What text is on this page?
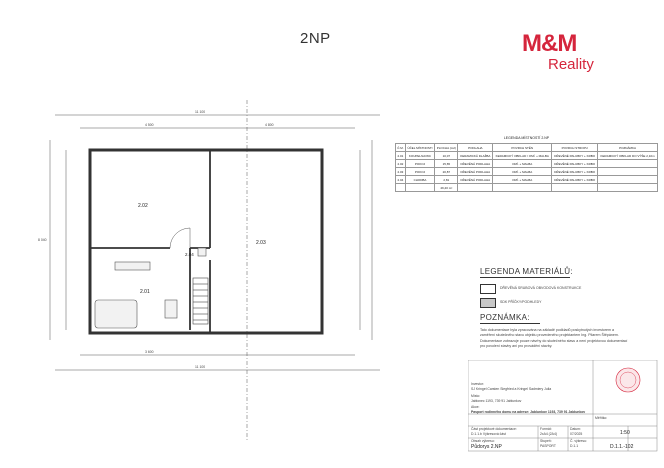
2NP	M&M
Reality
2.02
2.03
2.04
2.01
11 100
11 100
8 040
4 500	4 800
3 600
LEGENDA MÍSTNOSTÍ 2.NP
Č.M.	ÚČEL MÍSTNOSTI	PLOCHA (m2)	PODLAHA	POVRCH STĚN	POVRCH STROPU	POZNÁMKA
2.01	KOUPELNA/WC	10,07	KERAMICKÁ DLAŽBA	KERAMICKÝ OBKLAD / OMÍ. + MALBA	DŘEVĚNÉ PALUBKY + KRBO	KERAMICKÝ OBKLAD DO VÝŠE 2,10m
2.02	POKOJ	15,65	DŘEVĚNÁ PODLAHA	OMÍ. + MALBA	DŘEVĚNÉ PALUBKY + KRBO	
2.03	POKOJ	20,87	DŘEVĚNÁ PODLAHA	OMÍ. + MALBA	DŘEVĚNÉ PALUBKY + KRBO	
2.04	CHODBA	2,81	DŘEVĚNÁ PODLAHA	OMÍ. + MALBA	DŘEVĚNÉ PALUBKY + KRBO	
		49,40 m²				
LEGENDA MATERIÁLŮ:
DŘEVĚNÁ SRUBOVÁ OBVODOVÁ KONSTRUKCE
SDK PŘÍČKY/PODHLEDY
POZNÁMKA:
Tato dokumentace byla zpracována na základě podkladů poskytnutých investorem a zaměření skutečného stavu objektu provedeného projektantem Ing. Pilarem Štěpánem. Dokumentace zobrazuje pouze návrhy do skutečného stavu a není projektovou dokumentací pro povolení stavby ani pro provádění stavby.
Investor:
SJ Kringel Carsten Siegfried a Kringel Sadmiery Julia
Místo:
Jablonec 1193, 739 91 Jablunkov
Akce:
Pasport rodinného domu na adrese: Jablunkov 1193, 739 91 Jablunkov
Část projektové dokumentace:
D.1.1.b Výkresová část
Formát:
2xA4 (2A4)
Datum:
07/2025
Měřítko:
1:50
Obsah výkresu:
Půdorys 2.NP
Stupeň:
PASPORT
Č. výkresu:
D.1.1	D.1.1.-102
